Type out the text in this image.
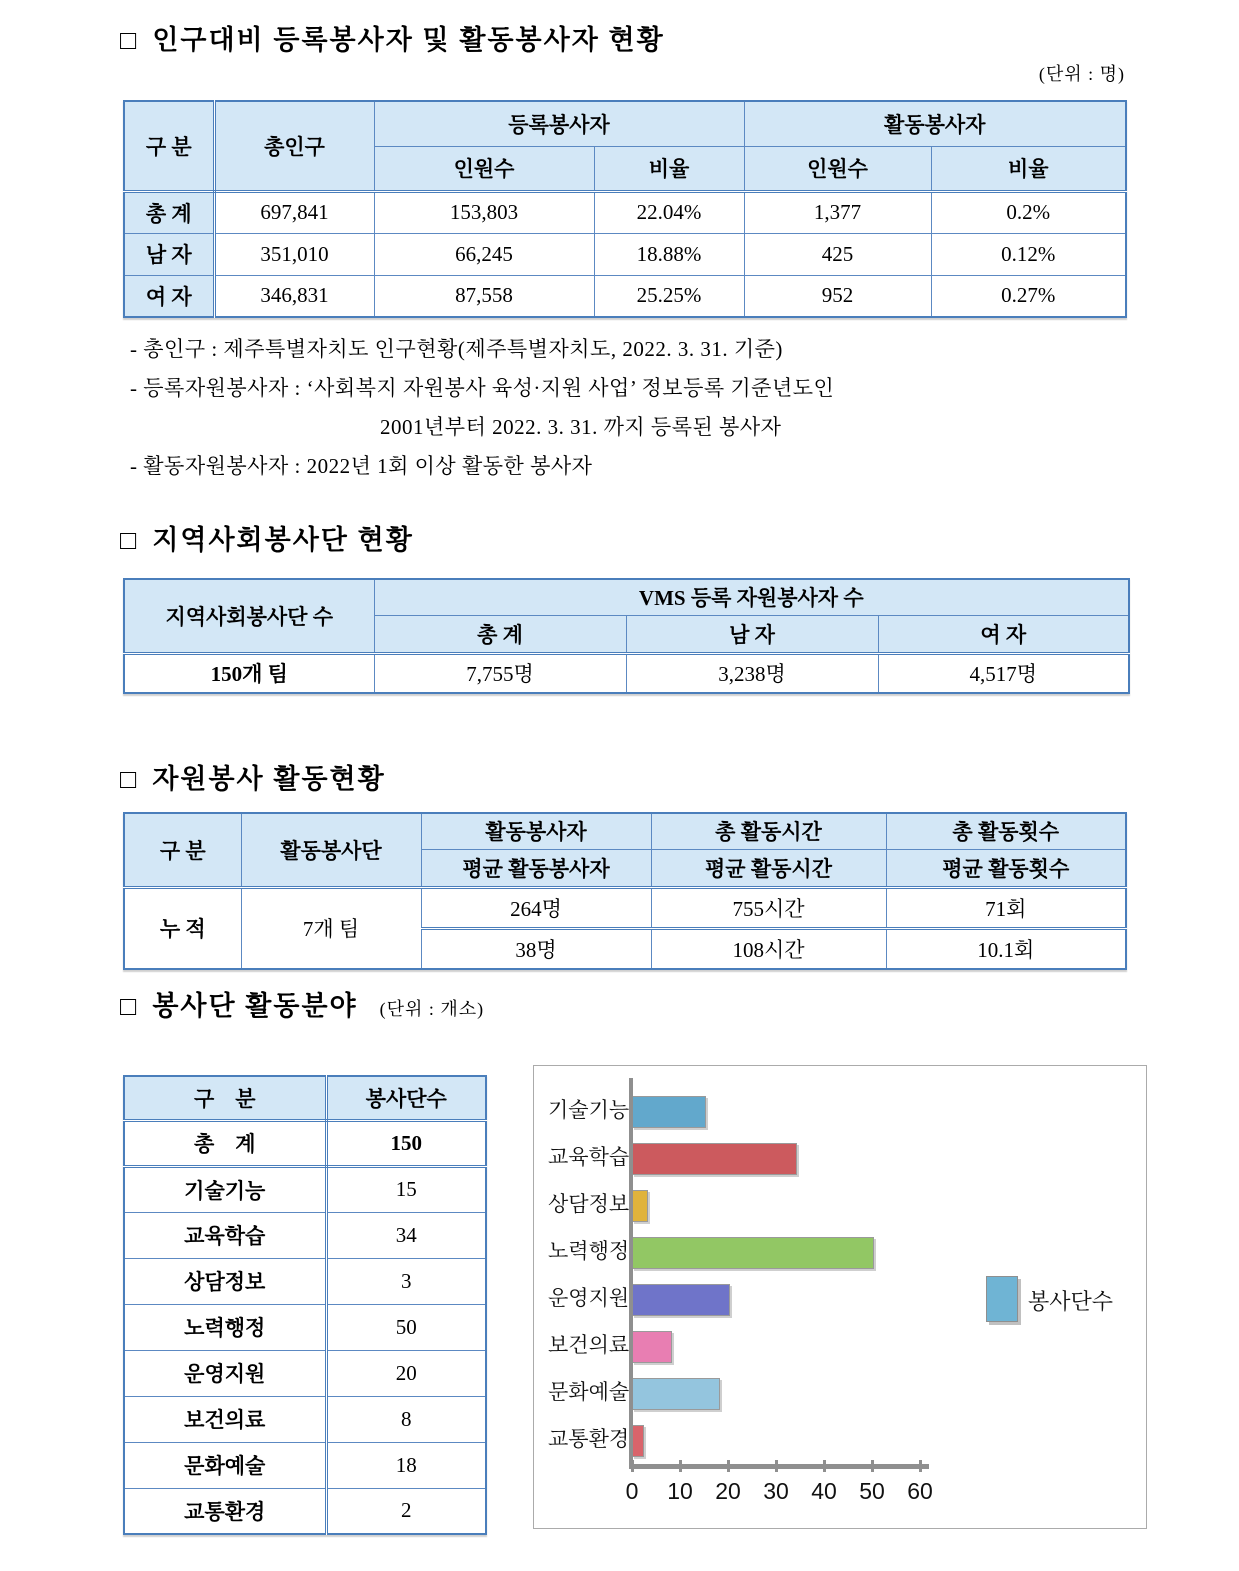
□ 인구대비 등록봉사자 및 활동봉사자 현황
(단위 : 명)
구 분	총인구	등록봉사자		활동봉사자	
		인원수	비율	인원수	비율
총 계	697,841	153,803	22.04%	1,377	0.2%
남 자	351,010	66,245	18.88%	425	0.12%
여 자	346,831	87,558	25.25%	952	0.27%
- 총인구 : 제주특별자치도 인구현황(제주특별자치도, 2022. 3. 31. 기준)
- 등록자원봉사자 : ‘사회복지 자원봉사 육성·지원 사업’ 정보등록 기준년도인
2001년부터 2022. 3. 31. 까지 등록된 봉사자
- 활동자원봉사자 : 2022년 1회 이상 활동한 봉사자
□ 지역사회봉사단 현황
지역사회봉사단 수	VMS 등록 자원봉사자 수		
	총 계	남 자	여 자
150개 팀	7,755명	3,238명	4,517명
□ 자원봉사 활동현황
구 분	활동봉사단	활동봉사자	총 활동시간	총 활동횟수
		평균 활동봉사자	평균 활동시간	평균 활동횟수
누 적	7개 팀	264명	755시간	71회
		38명	108시간	10.1회
□ 봉사단 활동분야 (단위 : 개소)
구    분	봉사단수
총    계	150
기술기능	15
교육학습	34
상담정보	3
노력행정	50
운영지원	20
보건의료	8
문화예술	18
교통환경	2
기술기능
교육학습
상담정보
노력행정
운영지원
보건의료
문화예술
교통환경
0	10 20 30 40 50 60
봉사단수
